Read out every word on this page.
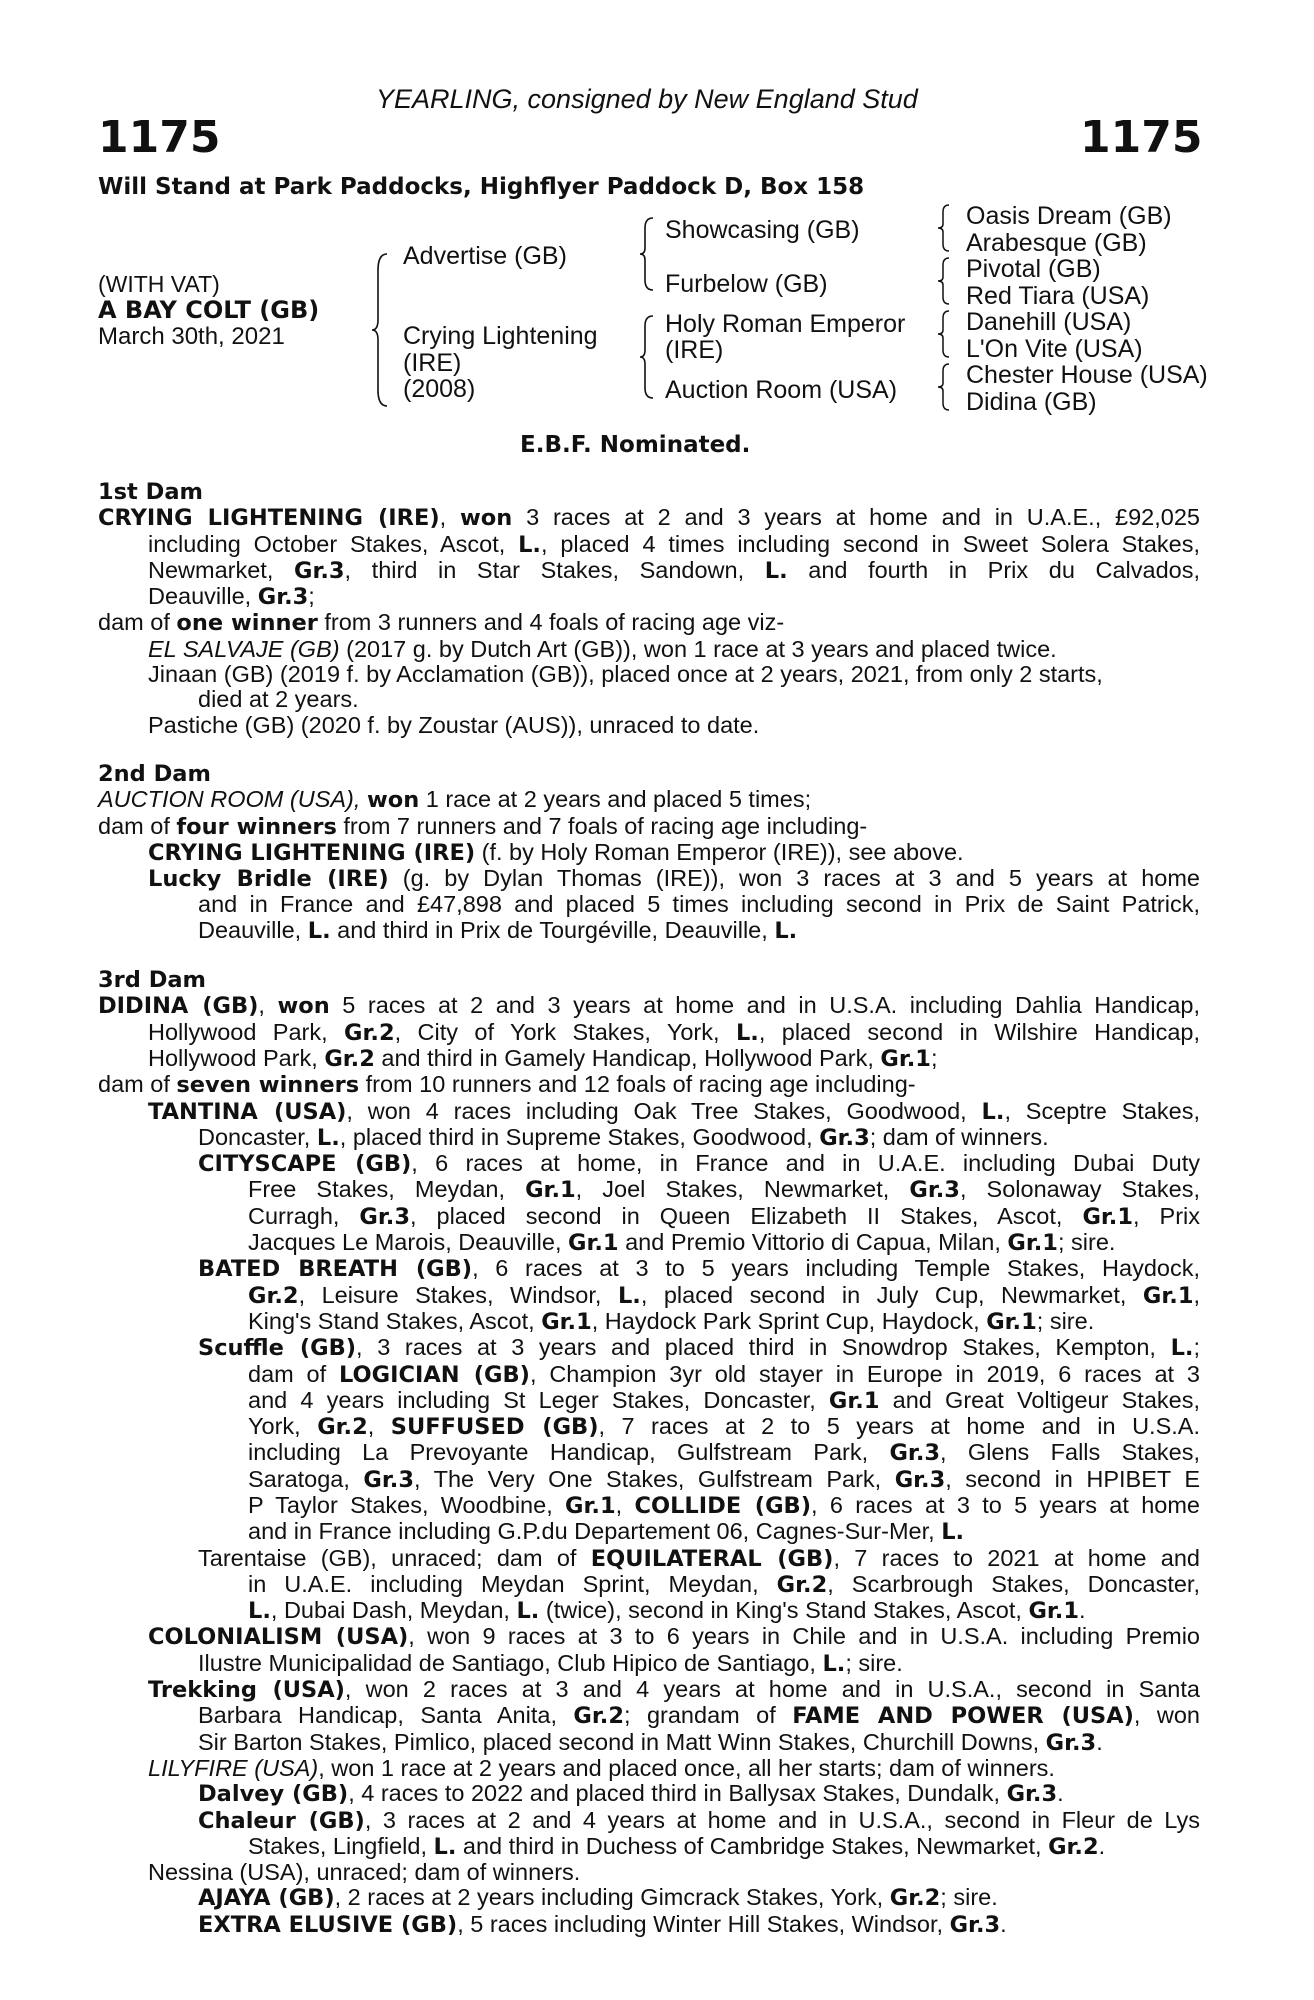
YEARLING, consigned by New England Stud
1175	1175
Will Stand at Park Paddocks, Highflyer Paddock D, Box 158
(WITH VAT)
A BAY COLT (GB)
March 30th, 2021
Advertise (GB)
Crying Lightening
(IRE)
(2008)
Showcasing (GB)
Furbelow (GB)
Holy Roman Emperor
(IRE)
Auction Room (USA)
Oasis Dream (GB)
Arabesque (GB)
Pivotal (GB)
Red Tiara (USA)
Danehill (USA)
L'On Vite (USA)
Chester House (USA)
Didina (GB)
E.B.F. Nominated.
1st Dam
CRYING LIGHTENING (IRE), won 3 races at 2 and 3 years at home and in U.A.E., £92,025
including October Stakes, Ascot, L., placed 4 times including second in Sweet Solera Stakes,
Newmarket, Gr.3, third in Star Stakes, Sandown, L. and fourth in Prix du Calvados,
Deauville, Gr.3;
dam of one winner from 3 runners and 4 foals of racing age viz-
EL SALVAJE (GB) (2017 g. by Dutch Art (GB)), won 1 race at 3 years and placed twice.
Jinaan (GB) (2019 f. by Acclamation (GB)), placed once at 2 years, 2021, from only 2 starts,
died at 2 years.
Pastiche (GB) (2020 f. by Zoustar (AUS)), unraced to date.
2nd Dam
AUCTION ROOM (USA), won 1 race at 2 years and placed 5 times;
dam of four winners from 7 runners and 7 foals of racing age including-
CRYING LIGHTENING (IRE) (f. by Holy Roman Emperor (IRE)), see above.
Lucky Bridle (IRE) (g. by Dylan Thomas (IRE)), won 3 races at 3 and 5 years at home
and in France and £47,898 and placed 5 times including second in Prix de Saint Patrick,
Deauville, L. and third in Prix de Tourgéville, Deauville, L.
3rd Dam
DIDINA (GB), won 5 races at 2 and 3 years at home and in U.S.A. including Dahlia Handicap,
Hollywood Park, Gr.2, City of York Stakes, York, L., placed second in Wilshire Handicap,
Hollywood Park, Gr.2 and third in Gamely Handicap, Hollywood Park, Gr.1;
dam of seven winners from 10 runners and 12 foals of racing age including-
TANTINA (USA), won 4 races including Oak Tree Stakes, Goodwood, L., Sceptre Stakes,
Doncaster, L., placed third in Supreme Stakes, Goodwood, Gr.3; dam of winners.
CITYSCAPE (GB), 6 races at home, in France and in U.A.E. including Dubai Duty
Free Stakes, Meydan, Gr.1, Joel Stakes, Newmarket, Gr.3, Solonaway Stakes,
Curragh, Gr.3, placed second in Queen Elizabeth II Stakes, Ascot, Gr.1, Prix
Jacques Le Marois, Deauville, Gr.1 and Premio Vittorio di Capua, Milan, Gr.1; sire.
BATED BREATH (GB), 6 races at 3 to 5 years including Temple Stakes, Haydock,
Gr.2, Leisure Stakes, Windsor, L., placed second in July Cup, Newmarket, Gr.1,
King's Stand Stakes, Ascot, Gr.1, Haydock Park Sprint Cup, Haydock, Gr.1; sire.
Scuffle (GB), 3 races at 3 years and placed third in Snowdrop Stakes, Kempton, L.;
dam of LOGICIAN (GB), Champion 3yr old stayer in Europe in 2019, 6 races at 3
and 4 years including St Leger Stakes, Doncaster, Gr.1 and Great Voltigeur Stakes,
York, Gr.2, SUFFUSED (GB), 7 races at 2 to 5 years at home and in U.S.A.
including La Prevoyante Handicap, Gulfstream Park, Gr.3, Glens Falls Stakes,
Saratoga, Gr.3, The Very One Stakes, Gulfstream Park, Gr.3, second in HPIBET E
P Taylor Stakes, Woodbine, Gr.1, COLLIDE (GB), 6 races at 3 to 5 years at home
and in France including G.P.du Departement 06, Cagnes-Sur-Mer, L.
Tarentaise (GB), unraced; dam of EQUILATERAL (GB), 7 races to 2021 at home and
in U.A.E. including Meydan Sprint, Meydan, Gr.2, Scarbrough Stakes, Doncaster,
L., Dubai Dash, Meydan, L. (twice), second in King's Stand Stakes, Ascot, Gr.1.
COLONIALISM (USA), won 9 races at 3 to 6 years in Chile and in U.S.A. including Premio
Ilustre Municipalidad de Santiago, Club Hipico de Santiago, L.; sire.
Trekking (USA), won 2 races at 3 and 4 years at home and in U.S.A., second in Santa
Barbara Handicap, Santa Anita, Gr.2; grandam of FAME AND POWER (USA), won
Sir Barton Stakes, Pimlico, placed second in Matt Winn Stakes, Churchill Downs, Gr.3.
LILYFIRE (USA), won 1 race at 2 years and placed once, all her starts; dam of winners.
Dalvey (GB), 4 races to 2022 and placed third in Ballysax Stakes, Dundalk, Gr.3.
Chaleur (GB), 3 races at 2 and 4 years at home and in U.S.A., second in Fleur de Lys
Stakes, Lingfield, L. and third in Duchess of Cambridge Stakes, Newmarket, Gr.2.
Nessina (USA), unraced; dam of winners.
AJAYA (GB), 2 races at 2 years including Gimcrack Stakes, York, Gr.2; sire.
EXTRA ELUSIVE (GB), 5 races including Winter Hill Stakes, Windsor, Gr.3.
